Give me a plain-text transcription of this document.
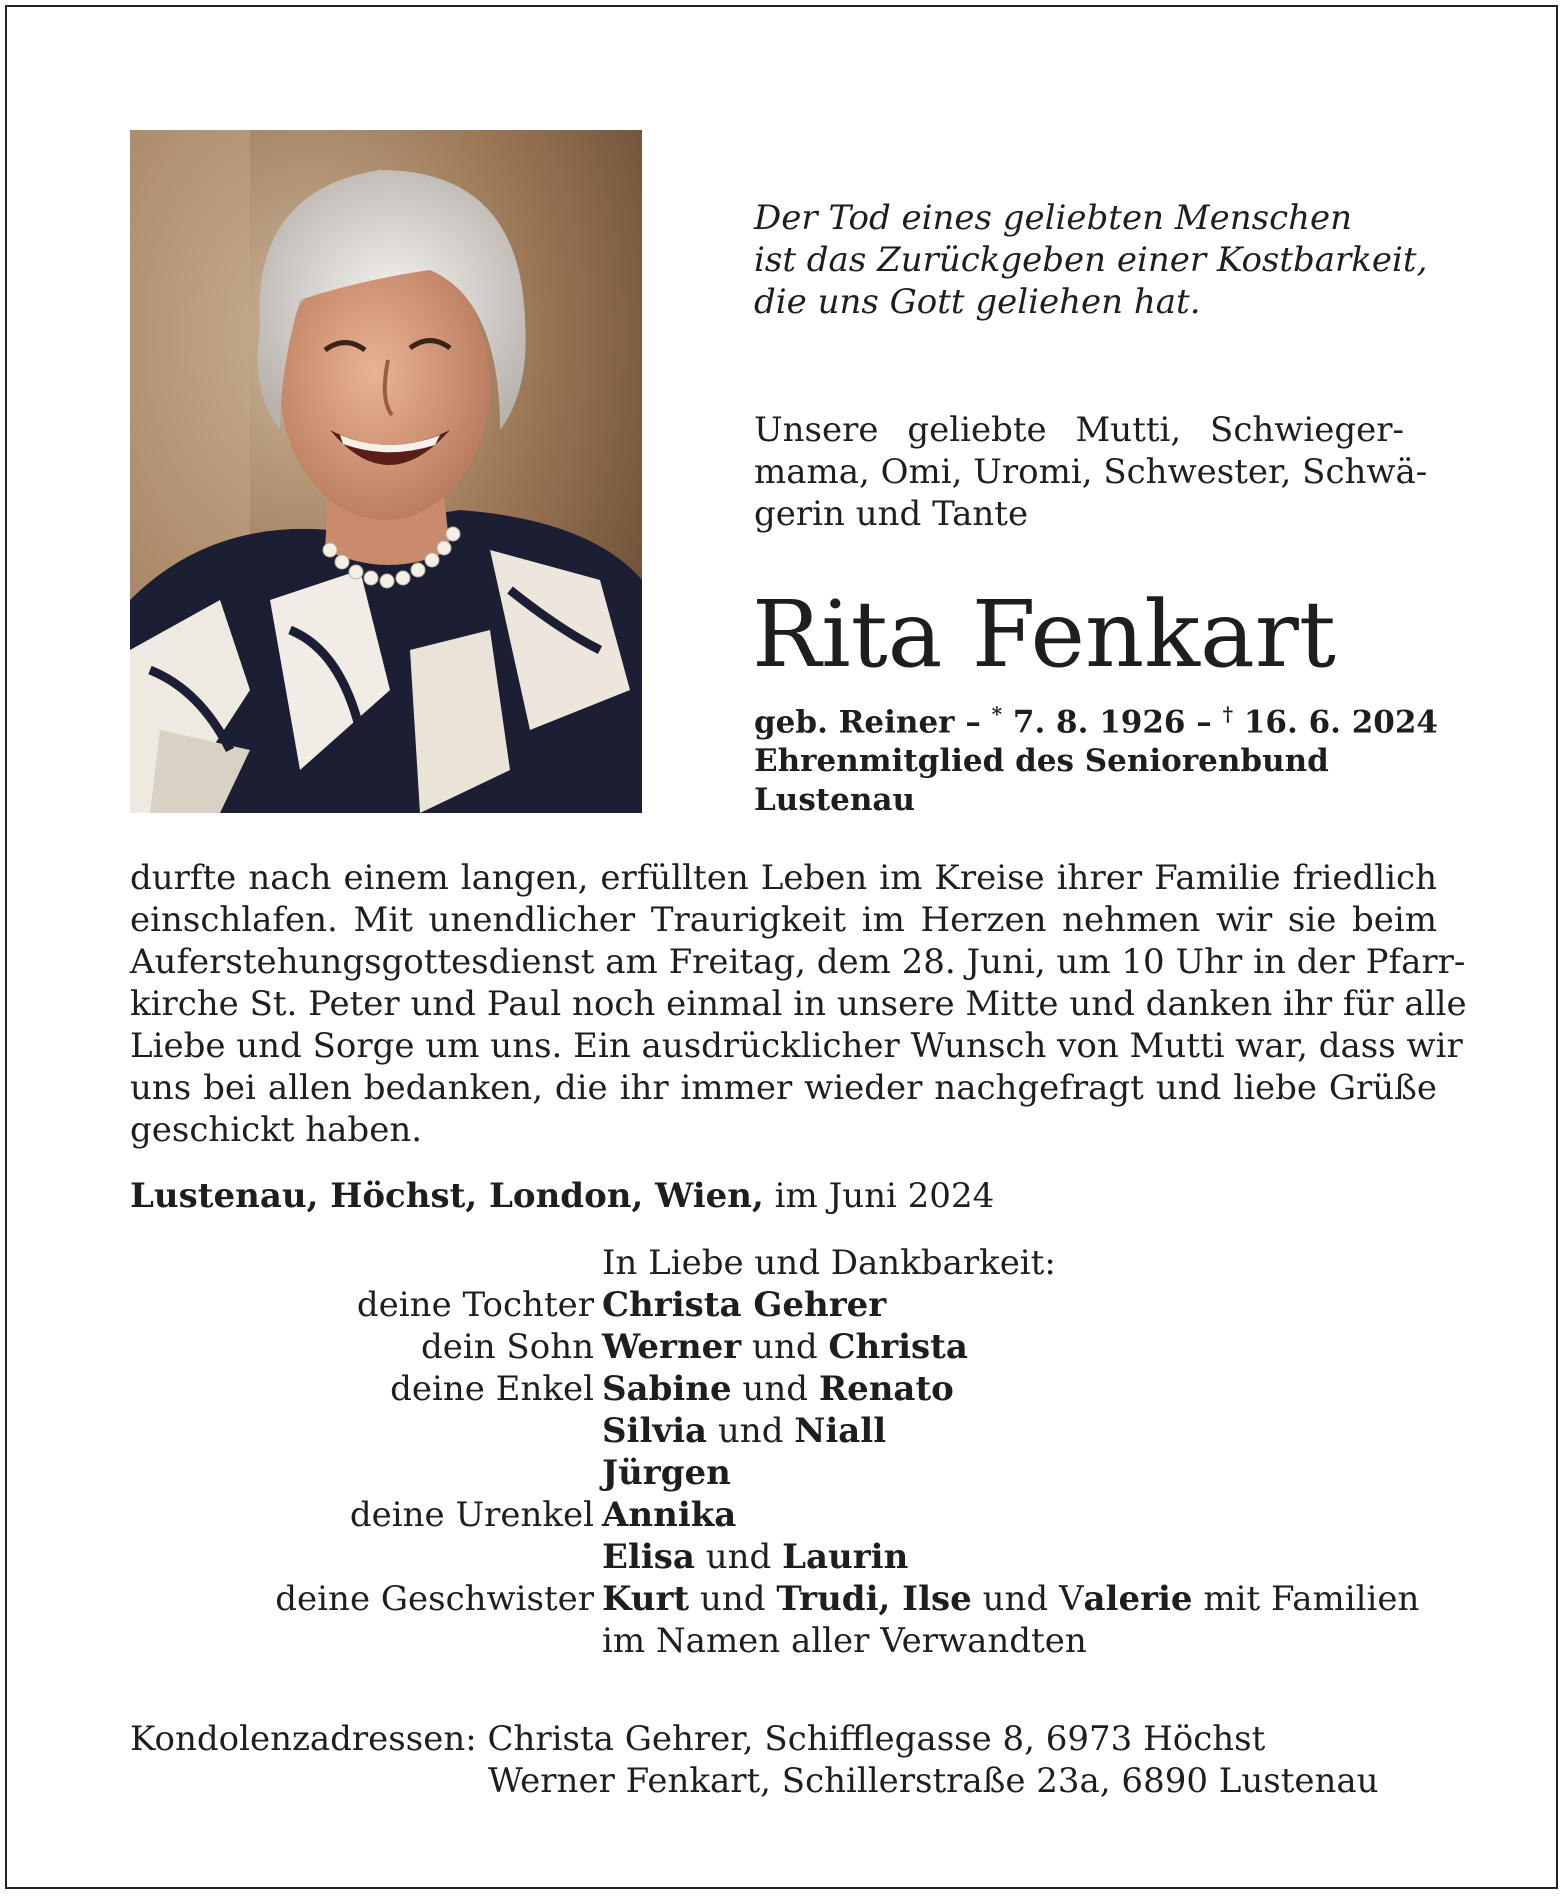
Der Tod eines geliebten Menschen
ist das Zurückgeben einer Kostbarkeit,
die uns Gott geliehen hat.
Unsere geliebte Mutti, Schwieger-
mama, Omi, Uromi, Schwester, Schwä-
gerin und Tante
Rita Fenkart
geb. Reiner – * 7. 8. 1926 – † 16. 6. 2024
Ehrenmitglied des Seniorenbund
Lustenau
durfte nach einem langen, erfüllten Leben im Kreise ihrer Familie friedlich
einschlafen. Mit unendlicher Traurigkeit im Herzen nehmen wir sie beim
Auferstehungsgottesdienst am Freitag, dem 28. Juni, um 10 Uhr in der Pfarr-
kirche St. Peter und Paul noch einmal in unsere Mitte und danken ihr für alle
Liebe und Sorge um uns. Ein ausdrücklicher Wunsch von Mutti war, dass wir
uns bei allen bedanken, die ihr immer wieder nachgefragt und liebe Grüße
geschickt haben.
Lustenau, Höchst, London, Wien, im Juni 2024
In Liebe und Dankbarkeit:
deine Tochter Christa Gehrer
dein Sohn Werner und Christa
deine Enkel Sabine und Renato
Silvia und Niall
Jürgen
deine Urenkel Annika
Elisa und Laurin
deine Geschwister Kurt und Trudi, Ilse und Valerie mit Familien
im Namen aller Verwandten
Kondolenzadressen: Christa Gehrer, Schifflegasse 8, 6973 Höchst
Werner Fenkart, Schillerstraße 23a, 6890 Lustenau
